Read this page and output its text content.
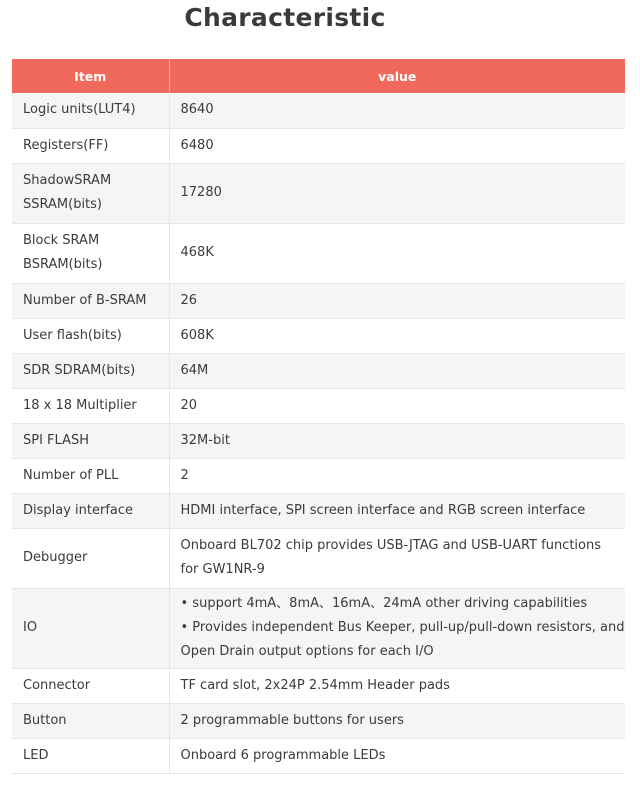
Characteristic
Item	value

Logic units(LUT4)	8640

Registers(FF)	6480

ShadowSRAM
SSRAM(bits)	17280

Block SRAM
BSRAM(bits)	468K

Number of B-SRAM	26

User flash(bits)	608K

SDR SDRAM(bits)	64M

18 x 18 Multiplier	20

SPI FLASH	32M-bit

Number of PLL	2

Display interface	HDMI interface, SPI screen interface and RGB screen interface

Debugger	Onboard BL702 chip provides USB-JTAG and USB-UART functions
for GW1NR-9

IO	• support 4mA、8mA、16mA、24mA other driving capabilities
• Provides independent Bus Keeper, pull-up/pull-down resistors, and
Open Drain output options for each I/O

Connector	TF card slot, 2x24P 2.54mm Header pads

Button	2 programmable buttons for users

LED	Onboard 6 programmable LEDs
